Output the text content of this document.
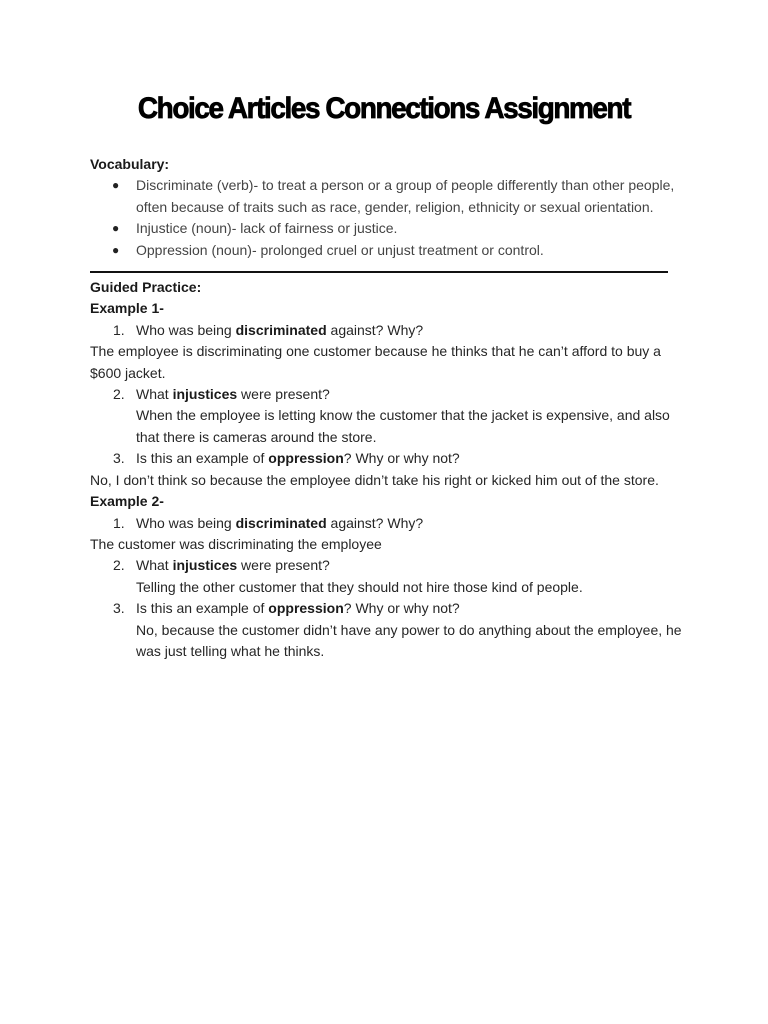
Choice Articles Connections Assignment
Vocabulary:
● Discriminate (verb)- to treat a person or a group of people differently than other people, often because of traits such as race, gender, religion, ethnicity or sexual orientation.
● Injustice (noun)- lack of fairness or justice.
● Oppression (noun)- prolonged cruel or unjust treatment or control.
Guided Practice:
Example 1-
1. Who was being discriminated against? Why?
The employee is discriminating one customer because he thinks that he can’t afford to buy a $600 jacket.
2. What injustices were present?
When the employee is letting know the customer that the jacket is expensive, and also that there is cameras around the store.
3. Is this an example of oppression? Why or why not?
No, I don’t think so because the employee didn’t take his right or kicked him out of the store.
Example 2-
1. Who was being discriminated against? Why?
The customer was discriminating the employee
2. What injustices were present?
Telling the other customer that they should not hire those kind of people.
3. Is this an example of oppression? Why or why not?
No, because the customer didn’t have any power to do anything about the employee, he was just telling what he thinks.
